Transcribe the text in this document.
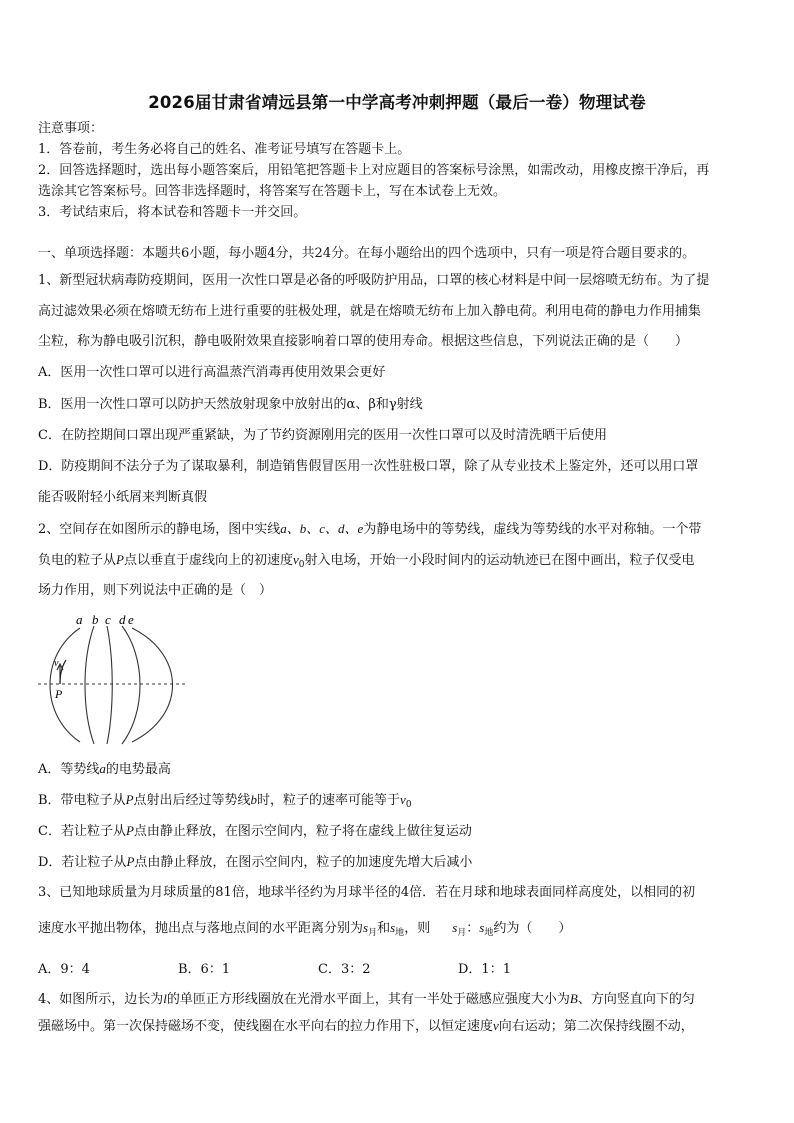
2026届甘肃省靖远县第一中学高考冲刺押题（最后一卷）物理试卷
注意事项：
1．答卷前，考生务必将自己的姓名、准考证号填写在答题卡上。
2．回答选择题时，选出每小题答案后，用铅笔把答题卡上对应题目的答案标号涂黑，如需改动，用橡皮擦干净后，再
选涂其它答案标号。回答非选择题时，将答案写在答题卡上，写在本试卷上无效。
3．考试结束后，将本试卷和答题卡一并交回。
一、单项选择题：本题共6小题，每小题4分，共24分。在每小题给出的四个选项中，只有一项是符合题目要求的。
1、新型冠状病毒防疫期间，医用一次性口罩是必备的呼吸防护用品，口罩的核心材料是中间一层熔喷无纺布。为了提
高过滤效果必须在熔喷无纺布上进行重要的驻极处理，就是在熔喷无纺布上加入静电荷。利用电荷的静电力作用捕集
尘粒，称为静电吸引沉积，静电吸附效果直接影响着口罩的使用寿命。根据这些信息，下列说法正确的是（　　）
A．医用一次性口罩可以进行高温蒸汽消毒再使用效果会更好
B．医用一次性口罩可以防护天然放射现象中放射出的α、β和γ射线
C．在防控期间口罩出现严重紧缺，为了节约资源刚用完的医用一次性口罩可以及时清洗晒干后使用
D．防疫期间不法分子为了谋取暴利，制造销售假冒医用一次性驻极口罩，除了从专业技术上鉴定外，还可以用口罩
能否吸附轻小纸屑来判断真假
2、空间存在如图所示的静电场，图中实线a、b、c、d、e为静电场中的等势线，虚线为等势线的水平对称轴。一个带
负电的粒子从P点以垂直于虚线向上的初速度$v_0$射入电场，开始一小段时间内的运动轨迹已在图中画出，粒子仅受电
场力作用，则下列说法中正确的是（　）
v
P
a b c d e
A．等势线a的电势最高
B．带电粒子从P点射出后经过等势线b时，粒子的速率可能等于$v_0$
C．若让粒子从P点由静止释放，在图示空间内，粒子将在虚线上做往复运动
D．若让粒子从P点由静止释放，在图示空间内，粒子的加速度先增大后减小
3、已知地球质量为月球质量的81倍，地球半径约为月球半径的4倍．若在月球和地球表面同样高度处，以相同的初
速度水平抛出物体，抛出点与落地点间的水平距离分别为$s_月$和$s_地$，则 $s_月$：$s_地$约为（　　）
A．9：4	B．6：1	C．3：2	D．1：1
4、如图所示，边长为l的单匝正方形线圈放在光滑水平面上，其有一半处于磁感应强度大小为B、方向竖直向下的匀
强磁场中。第一次保持磁场不变，使线圈在水平向右的拉力作用下，以恒定速度v向右运动；第二次保持线圈不动，
